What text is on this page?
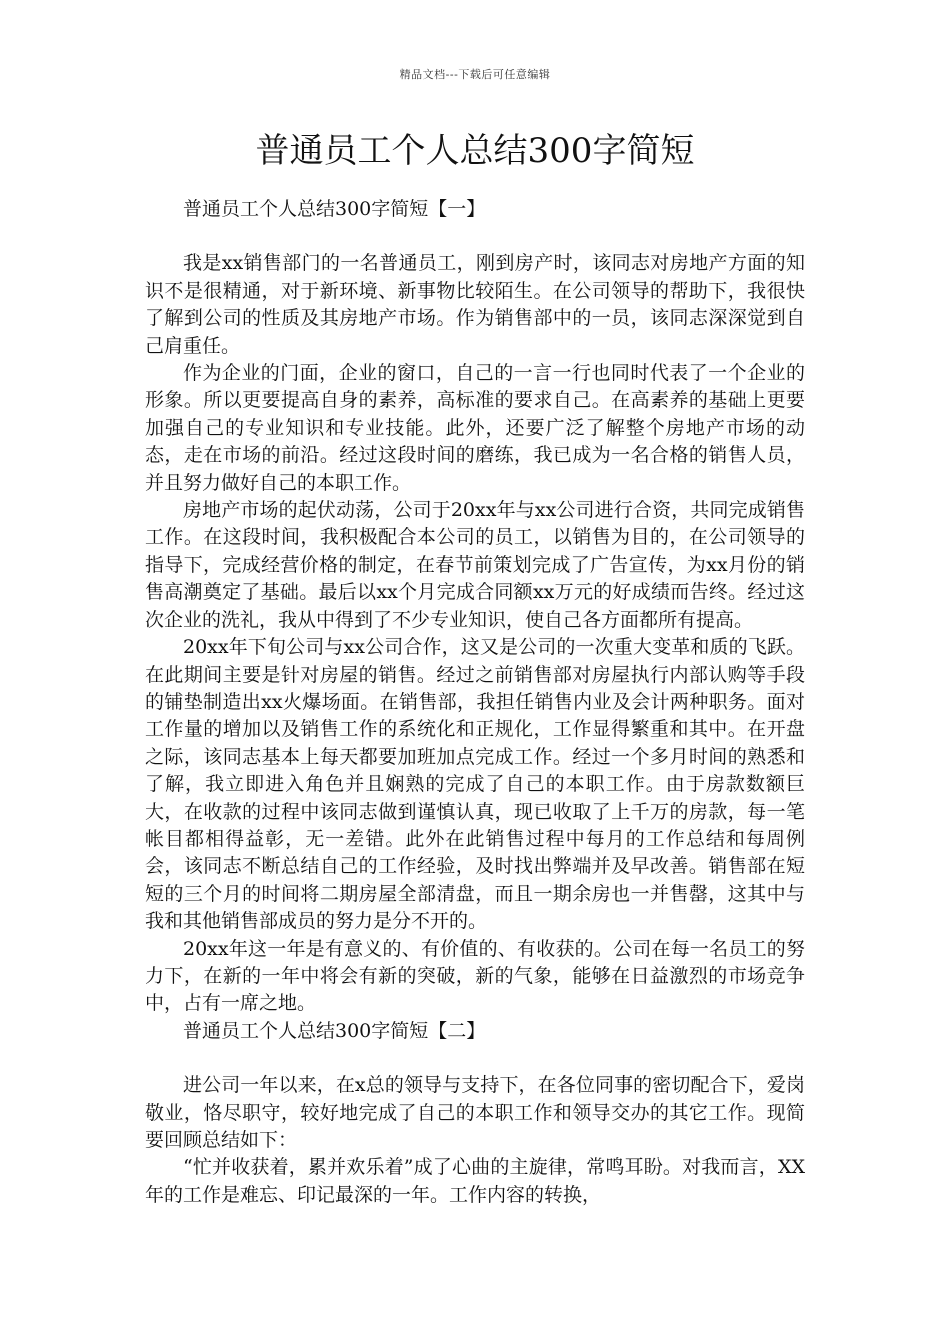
精品文档---下载后可任意编辑
普通员工个人总结300字简短

普通员工个人总结300字简短【一】

我是xx销售部门的一名普通员工，刚到房产时，该同志对房地产方面的知识不是很精通，对于新环境、新事物比较陌生。在公司领导的帮助下，我很快了解到公司的性质及其房地产市场。作为销售部中的一员，该同志深深觉到自己肩重任。

作为企业的门面，企业的窗口，自己的一言一行也同时代表了一个企业的形象。所以更要提高自身的素养，高标准的要求自己。在高素养的基础上更要加强自己的专业知识和专业技能。此外，还要广泛了解整个房地产市场的动态，走在市场的前沿。经过这段时间的磨练，我已成为一名合格的销售人员，并且努力做好自己的本职工作。

房地产市场的起伏动荡，公司于20xx年与xx公司进行合资，共同完成销售工作。在这段时间，我积极配合本公司的员工，以销售为目的，在公司领导的指导下，完成经营价格的制定，在春节前策划完成了广告宣传，为xx月份的销售高潮奠定了基础。最后以xx个月完成合同额xx万元的好成绩而告终。经过这次企业的洗礼，我从中得到了不少专业知识，使自己各方面都所有提高。

20xx年下旬公司与xx公司合作，这又是公司的一次重大变革和质的飞跃。在此期间主要是针对房屋的销售。经过之前销售部对房屋执行内部认购等手段的铺垫制造出xx火爆场面。在销售部，我担任销售内业及会计两种职务。面对工作量的增加以及销售工作的系统化和正规化，工作显得繁重和其中。在开盘之际，该同志基本上每天都要加班加点完成工作。经过一个多月时间的熟悉和了解，我立即进入角色并且娴熟的完成了自己的本职工作。由于房款数额巨大，在收款的过程中该同志做到谨慎认真，现已收取了上千万的房款，每一笔帐目都相得益彰，无一差错。此外在此销售过程中每月的工作总结和每周例会，该同志不断总结自己的工作经验，及时找出弊端并及早改善。销售部在短短的三个月的时间将二期房屋全部清盘，而且一期余房也一并售罄，这其中与我和其他销售部成员的努力是分不开的。

20xx年这一年是有意义的、有价值的、有收获的。公司在每一名员工的努力下，在新的一年中将会有新的突破，新的气象，能够在日益激烈的市场竞争中，占有一席之地。

普通员工个人总结300字简短【二】

进公司一年以来，在x总的领导与支持下，在各位同事的密切配合下，爱岗敬业，恪尽职守，较好地完成了自己的本职工作和领导交办的其它工作。现简要回顾总结如下：

“忙并收获着，累并欢乐着”成了心曲的主旋律，常鸣耳盼。对我而言，XX年的工作是难忘、印记最深的一年。工作内容的转换，
